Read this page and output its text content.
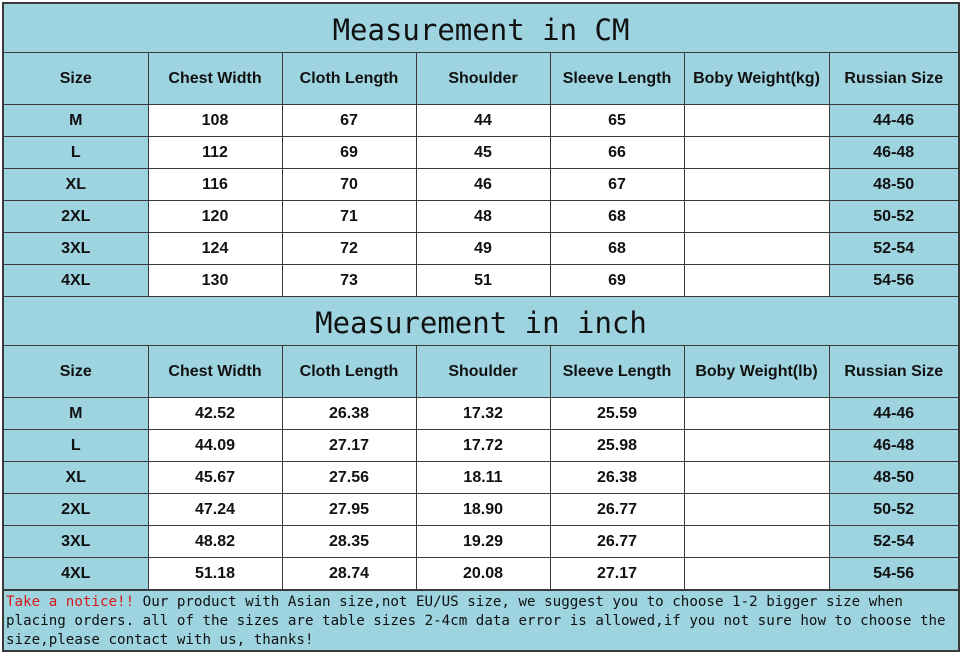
Measurement in CM
Size	Chest Width	Cloth Length	Shoulder	Sleeve Length	Boby Weight(kg)	Russian Size
M	108	67	44	65		44-46
L	112	69	45	66		46-48
XL	116	70	46	67		48-50
2XL	120	71	48	68		50-52
3XL	124	72	49	68		52-54
4XL	130	73	51	69		54-56
Measurement in inch
Size	Chest Width	Cloth Length	Shoulder	Sleeve Length	Boby Weight(lb)	Russian Size
M	42.52	26.38	17.32	25.59		44-46
L	44.09	27.17	17.72	25.98		46-48
XL	45.67	27.56	18.11	26.38		48-50
2XL	47.24	27.95	18.90	26.77		50-52
3XL	48.82	28.35	19.29	26.77		52-54
4XL	51.18	28.74	20.08	27.17		54-56
Take a notice!! Our product with Asian size,not EU/US size, we suggest you to choose 1-2 bigger size when placing orders. all of the sizes are table sizes 2-4cm data error is allowed,if you not sure how to choose the size,please contact with us, thanks!
